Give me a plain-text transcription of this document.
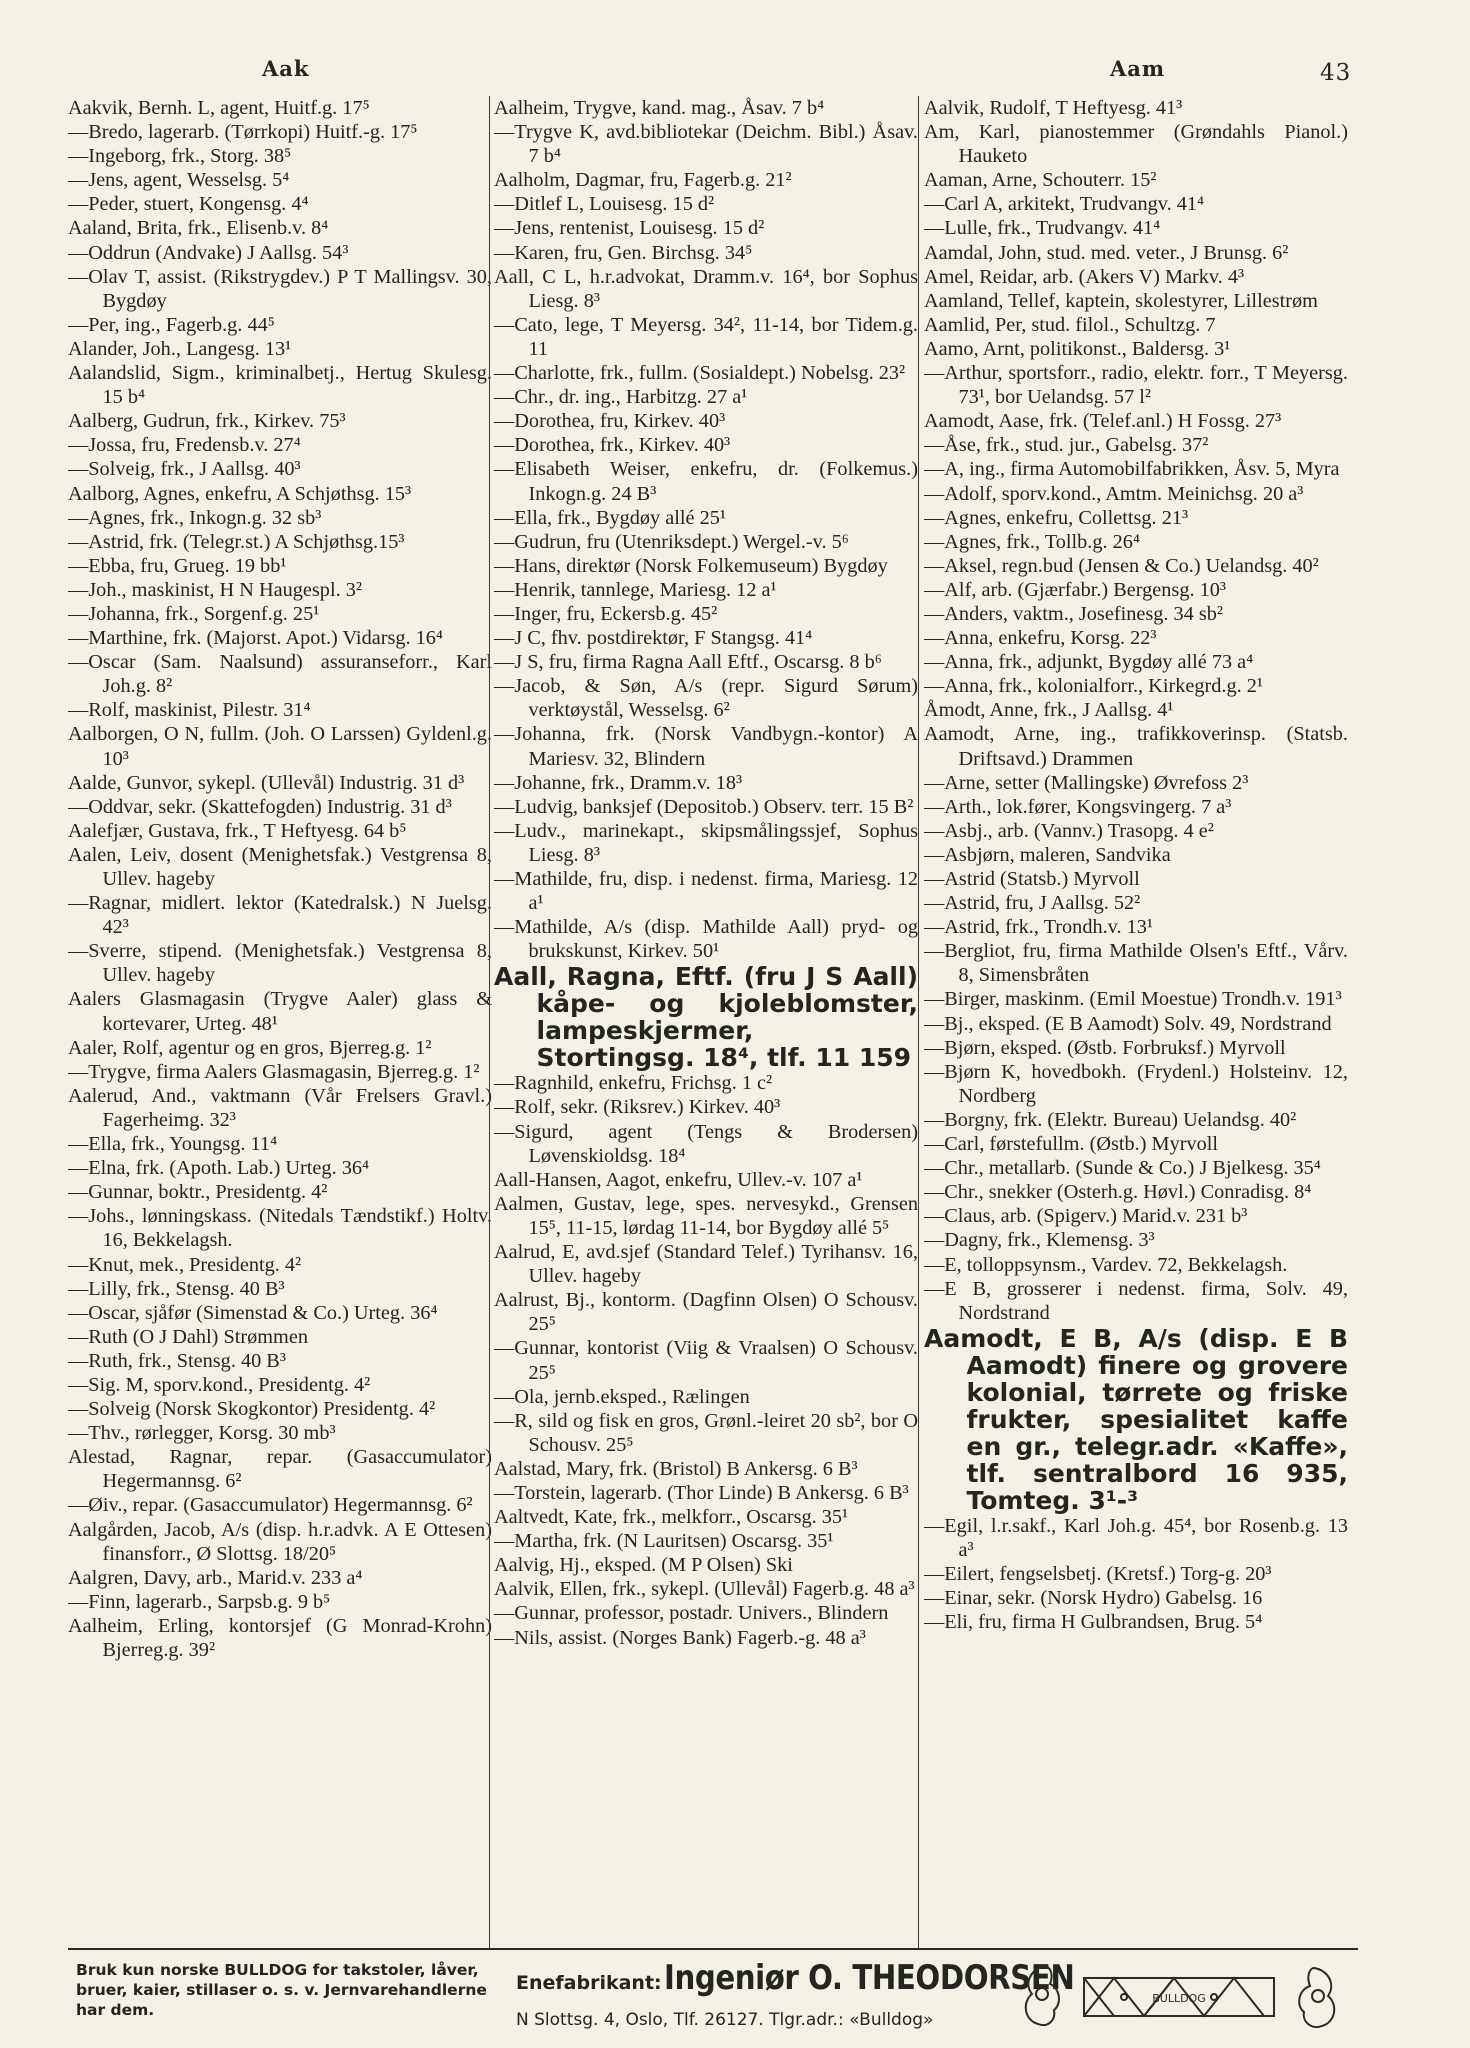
Aak	Aam	43

Aakvik, Bernh. L, agent, Huitf.g. 17⁵

—Bredo, lagerarb. (Tørrkopi) Huitf.-g. 17⁵

—Ingeborg, frk., Storg. 38⁵

—Jens, agent, Wesselsg. 5⁴

—Peder, stuert, Kongensg. 4⁴

Aaland, Brita, frk., Elisenb.v. 8⁴

—Oddrun (Andvake) J Aallsg. 54³

—Olav T, assist. (Rikstrygdev.) P T Mallingsv. 30, Bygdøy

—Per, ing., Fagerb.g. 44⁵

Alander, Joh., Langesg. 13¹

Aalandslid, Sigm., kriminalbetj., Hertug Skulesg. 15 b⁴

Aalberg, Gudrun, frk., Kirkev. 75³

—Jossa, fru, Fredensb.v. 27⁴

—Solveig, frk., J Aallsg. 40³

Aalborg, Agnes, enkefru, A Schjøthsg. 15³

—Agnes, frk., Inkogn.g. 32 sb³

—Astrid, frk. (Telegr.st.) A Schjøthsg.15³

—Ebba, fru, Grueg. 19 bb¹

—Joh., maskinist, H N Haugespl. 3²

—Johanna, frk., Sorgenf.g. 25¹

—Marthine, frk. (Majorst. Apot.) Vidarsg. 16⁴

—Oscar (Sam. Naalsund) assuranseforr., Karl Joh.g. 8²

—Rolf, maskinist, Pilestr. 31⁴

Aalborgen, O N, fullm. (Joh. O Larssen) Gyldenl.g. 10³

Aalde, Gunvor, sykepl. (Ullevål) Industrig. 31 d³

—Oddvar, sekr. (Skattefogden) Industrig. 31 d³

Aalefjær, Gustava, frk., T Heftyesg. 64 b⁵

Aalen, Leiv, dosent (Menighetsfak.) Vestgrensa 8, Ullev. hageby

—Ragnar, midlert. lektor (Katedralsk.) N Juelsg. 42³

—Sverre, stipend. (Menighetsfak.) Vestgrensa 8, Ullev. hageby

Aalers Glasmagasin (Trygve Aaler) glass & kortevarer, Urteg. 48¹

Aaler, Rolf, agentur og en gros, Bjerreg.g. 1²

—Trygve, firma Aalers Glasmagasin, Bjerreg.g. 1²

Aalerud, And., vaktmann (Vår Frelsers Gravl.) Fagerheimg. 32³

—Ella, frk., Youngsg. 11⁴

—Elna, frk. (Apoth. Lab.) Urteg. 36⁴

—Gunnar, boktr., Presidentg. 4²

—Johs., lønningskass. (Nitedals Tændstikf.) Holtv. 16, Bekkelagsh.

—Knut, mek., Presidentg. 4²

—Lilly, frk., Stensg. 40 B³

—Oscar, sjåfør (Simenstad & Co.) Urteg. 36⁴

—Ruth (O J Dahl) Strømmen

—Ruth, frk., Stensg. 40 B³

—Sig. M, sporv.kond., Presidentg. 4²

—Solveig (Norsk Skogkontor) Presidentg. 4²

—Thv., rørlegger, Korsg. 30 mb³

Alestad, Ragnar, repar. (Gasaccumulator) Hegermannsg. 6²

—Øiv., repar. (Gasaccumulator) Hegermannsg. 6²

Aalgården, Jacob, A/s (disp. h.r.advk. A E Ottesen) finansforr., Ø Slottsg. 18/20⁵

Aalgren, Davy, arb., Marid.v. 233 a⁴

—Finn, lagerarb., Sarpsb.g. 9 b⁵

Aalheim, Erling, kontorsjef (G Monrad-Krohn) Bjerreg.g. 39²

Aalheim, Trygve, kand. mag., Åsav. 7 b⁴

—Trygve K, avd.bibliotekar (Deichm. Bibl.) Åsav. 7 b⁴

Aalholm, Dagmar, fru, Fagerb.g. 21²

—Ditlef L, Louisesg. 15 d²

—Jens, rentenist, Louisesg. 15 d²

—Karen, fru, Gen. Birchsg. 34⁵

Aall, C L, h.r.advokat, Dramm.v. 16⁴, bor Sophus Liesg. 8³

—Cato, lege, T Meyersg. 34², 11-14, bor Tidem.g. 11

—Charlotte, frk., fullm. (Sosialdept.) Nobelsg. 23²

—Chr., dr. ing., Harbitzg. 27 a¹

—Dorothea, fru, Kirkev. 40³

—Dorothea, frk., Kirkev. 40³

—Elisabeth Weiser, enkefru, dr. (Folkemus.) Inkogn.g. 24 B³

—Ella, frk., Bygdøy allé 25¹

—Gudrun, fru (Utenriksdept.) Wergel.-v. 5⁶

—Hans, direktør (Norsk Folkemuseum) Bygdøy

—Henrik, tannlege, Mariesg. 12 a¹

—Inger, fru, Eckersb.g. 45²

—J C, fhv. postdirektør, F Stangsg. 41⁴

—J S, fru, firma Ragna Aall Eftf., Oscarsg. 8 b⁶

—Jacob, & Søn, A/s (repr. Sigurd Sørum) verktøystål, Wesselsg. 6²

—Johanna, frk. (Norsk Vandbygn.-kontor) A Mariesv. 32, Blindern

—Johanne, frk., Dramm.v. 18³

—Ludvig, banksjef (Depositob.) Observ. terr. 15 B²

—Ludv., marinekapt., skipsmålingssjef, Sophus Liesg. 8³

—Mathilde, fru, disp. i nedenst. firma, Mariesg. 12 a¹

—Mathilde, A/s (disp. Mathilde Aall) pryd- og brukskunst, Kirkev. 50¹

Aall, Ragna, Eftf. (fru J S Aall) kåpe- og kjoleblomster, lampeskjermer, Stortingsg. 18⁴, tlf. 11 159

—Ragnhild, enkefru, Frichsg. 1 c²

—Rolf, sekr. (Riksrev.) Kirkev. 40³

—Sigurd, agent (Tengs & Brodersen) Løvenskioldsg. 18⁴

Aall-Hansen, Aagot, enkefru, Ullev.-v. 107 a¹

Aalmen, Gustav, lege, spes. nervesykd., Grensen 15⁵, 11-15, lørdag 11-14, bor Bygdøy allé 5⁵

Aalrud, E, avd.sjef (Standard Telef.) Tyrihansv. 16, Ullev. hageby

Aalrust, Bj., kontorm. (Dagfinn Olsen) O Schousv. 25⁵

—Gunnar, kontorist (Viig & Vraalsen) O Schousv. 25⁵

—Ola, jernb.eksped., Rælingen

—R, sild og fisk en gros, Grønl.-leiret 20 sb², bor O Schousv. 25⁵

Aalstad, Mary, frk. (Bristol) B Ankersg. 6 B³

—Torstein, lagerarb. (Thor Linde) B Ankersg. 6 B³

Aaltvedt, Kate, frk., melkforr., Oscarsg. 35¹

—Martha, frk. (N Lauritsen) Oscarsg. 35¹

Aalvig, Hj., eksped. (M P Olsen) Ski

Aalvik, Ellen, frk., sykepl. (Ullevål) Fagerb.g. 48 a³

—Gunnar, professor, postadr. Univers., Blindern

—Nils, assist. (Norges Bank) Fagerb.-g. 48 a³

Aalvik, Rudolf, T Heftyesg. 41³

Am, Karl, pianostemmer (Grøndahls Pianol.) Hauketo

Aaman, Arne, Schouterr. 15²

—Carl A, arkitekt, Trudvangv. 41⁴

—Lulle, frk., Trudvangv. 41⁴

Aamdal, John, stud. med. veter., J Brunsg. 6²

Amel, Reidar, arb. (Akers V) Markv. 4³

Aamland, Tellef, kaptein, skolestyrer, Lillestrøm

Aamlid, Per, stud. filol., Schultzg. 7

Aamo, Arnt, politikonst., Baldersg. 3¹

—Arthur, sportsforr., radio, elektr. forr., T Meyersg. 73¹, bor Uelandsg. 57 l²

Aamodt, Aase, frk. (Telef.anl.) H Fossg. 27³

—Åse, frk., stud. jur., Gabelsg. 37²

—A, ing., firma Automobilfabrikken, Åsv. 5, Myra

—Adolf, sporv.kond., Amtm. Meinichsg. 20 a³

—Agnes, enkefru, Collettsg. 21³

—Agnes, frk., Tollb.g. 26⁴

—Aksel, regn.bud (Jensen & Co.) Uelandsg. 40²

—Alf, arb. (Gjærfabr.) Bergensg. 10³

—Anders, vaktm., Josefinesg. 34 sb²

—Anna, enkefru, Korsg. 22³

—Anna, frk., adjunkt, Bygdøy allé 73 a⁴

—Anna, frk., kolonialforr., Kirkegrd.g. 2¹

Åmodt, Anne, frk., J Aallsg. 4¹

Aamodt, Arne, ing., trafikkoverinsp. (Statsb. Driftsavd.) Drammen

—Arne, setter (Mallingske) Øvrefoss 2³

—Arth., lok.fører, Kongsvingerg. 7 a³

—Asbj., arb. (Vannv.) Trasopg. 4 e²

—Asbjørn, maleren, Sandvika

—Astrid (Statsb.) Myrvoll

—Astrid, fru, J Aallsg. 52²

—Astrid, frk., Trondh.v. 13¹

—Bergliot, fru, firma Mathilde Olsen's Eftf., Vårv. 8, Simensbråten

—Birger, maskinm. (Emil Moestue) Trondh.v. 191³

—Bj., eksped. (E B Aamodt) Solv. 49, Nordstrand

—Bjørn, eksped. (Østb. Forbruksf.) Myrvoll

—Bjørn K, hovedbokh. (Frydenl.) Holsteinv. 12, Nordberg

—Borgny, frk. (Elektr. Bureau) Uelandsg. 40²

—Carl, førstefullm. (Østb.) Myrvoll

—Chr., metallarb. (Sunde & Co.) J Bjelkesg. 35⁴

—Chr., snekker (Osterh.g. Høvl.) Conradisg. 8⁴

—Claus, arb. (Spigerv.) Marid.v. 231 b³

—Dagny, frk., Klemensg. 3³

—E, tolloppsynsm., Vardev. 72, Bekkelagsh.

—E B, grosserer i nedenst. firma, Solv. 49, Nordstrand

Aamodt, E B, A/s (disp. E B Aamodt) finere og grovere kolonial, tørrete og friske frukter, spesialitet kaffe en gr., telegr.adr. «Kaffe», tlf. sentralbord 16 935, Tomteg. 3¹-³

—Egil, l.r.sakf., Karl Joh.g. 45⁴, bor Rosenb.g. 13 a³

—Eilert, fengselsbetj. (Kretsf.) Torg-g. 20³

—Einar, sekr. (Norsk Hydro) Gabelsg. 16

—Eli, fru, firma H Gulbrandsen, Brug. 5⁴

Bruk kun norske BULLDOG for takstoler, låver, bruer, kaier, stillaser o. s. v. Jernvarehandlerne har dem.
Enefabrikant: Ingeniør O. THEODORSEN
N Slottsg. 4, Oslo, Tlf. 26127. Tlgr.adr.: «Bulldog»
BULLDOG
